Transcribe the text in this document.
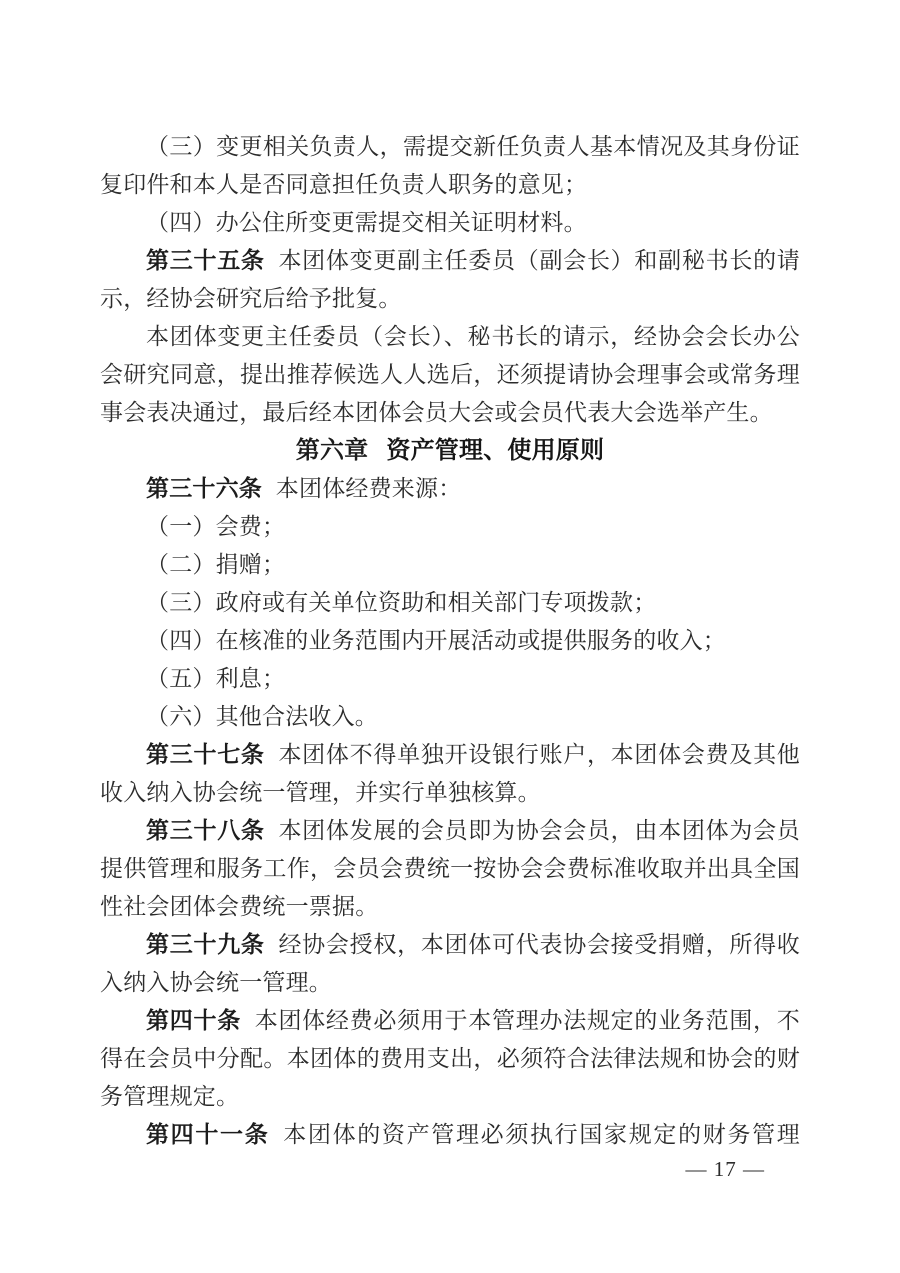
（三）变更相关负责人，需提交新任负责人基本情况及其身份证
复印件和本人是否同意担任负责人职务的意见；
（四）办公住所变更需提交相关证明材料。
第三十五条 本团体变更副主任委员（副会长）和副秘书长的请
示，经协会研究后给予批复。
本团体变更主任委员（会长）、秘书长的请示，经协会会长办公
会研究同意，提出推荐候选人人选后，还须提请协会理事会或常务理
事会表决通过，最后经本团体会员大会或会员代表大会选举产生。
第六章 资产管理、使用原则
第三十六条 本团体经费来源：
（一）会费；
（二）捐赠；
（三）政府或有关单位资助和相关部门专项拨款；
（四）在核准的业务范围内开展活动或提供服务的收入；
（五）利息；
（六）其他合法收入。
第三十七条 本团体不得单独开设银行账户，本团体会费及其他
收入纳入协会统一管理，并实行单独核算。
第三十八条 本团体发展的会员即为协会会员，由本团体为会员
提供管理和服务工作，会员会费统一按协会会费标准收取并出具全国
性社会团体会费统一票据。
第三十九条 经协会授权，本团体可代表协会接受捐赠，所得收
入纳入协会统一管理。
第四十条 本团体经费必须用于本管理办法规定的业务范围，不
得在会员中分配。本团体的费用支出，必须符合法律法规和协会的财
务管理规定。
第四十一条 本团体的资产管理必须执行国家规定的财务管理
— 17 —
